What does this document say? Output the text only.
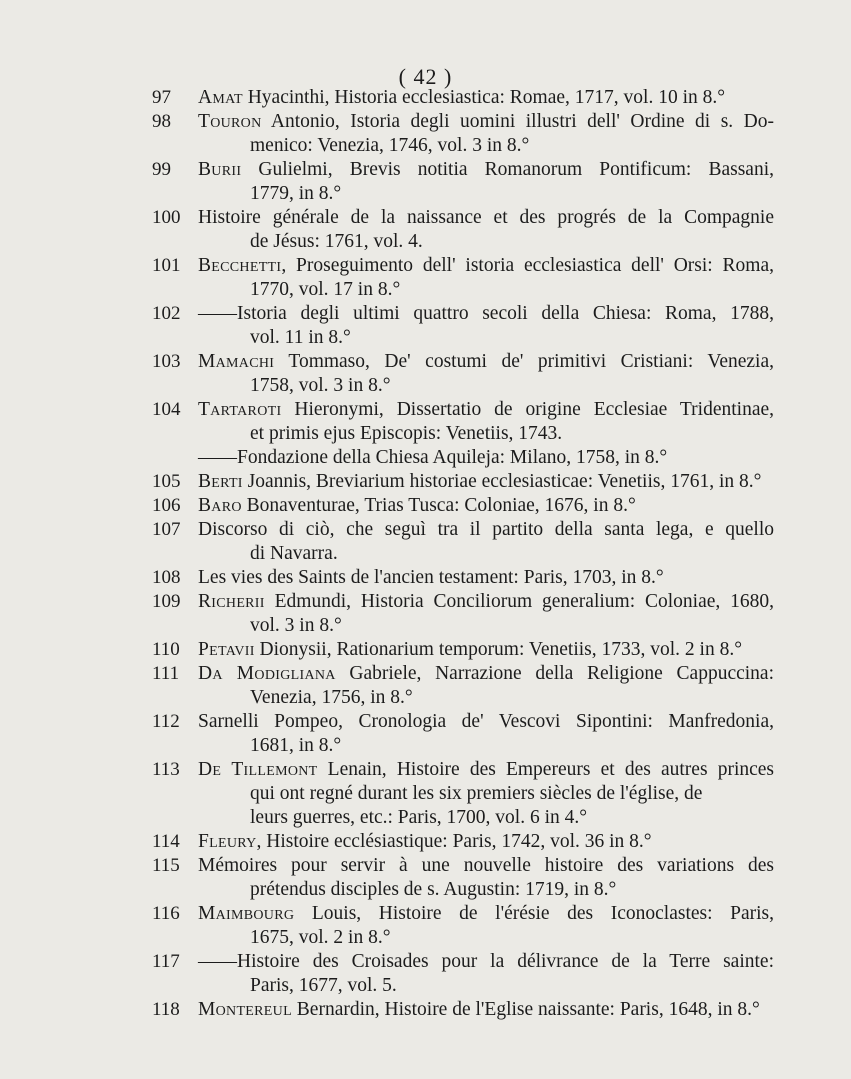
( 42 )
97	Amat Hyacinthi, Historia ecclesiastica: Romae, 1717, vol. 10 in 8.°
98	Touron Antonio, Istoria degli uomini illustri dell' Ordine di s. Do-
menico: Venezia, 1746, vol. 3 in 8.°
99	Burii Gulielmi, Brevis notitia Romanorum Pontificum: Bassani,
1779, in 8.°
100 Histoire générale de la naissance et des progrés de la Compagnie
de Jésus: 1761, vol. 4.
101 Becchetti, Proseguimento dell' istoria ecclesiastica dell' Orsi: Roma,
1770, vol. 17 in 8.°
102 ——Istoria degli ultimi quattro secoli della Chiesa: Roma, 1788,
vol. 11 in 8.°
103 Mamachi Tommaso, De' costumi de' primitivi Cristiani: Venezia,
1758, vol. 3 in 8.°
104 Tartaroti Hieronymi, Dissertatio de origine Ecclesiae Tridentinae,
et primis ejus Episcopis: Venetiis, 1743.
——Fondazione della Chiesa Aquileja: Milano, 1758, in 8.°
105 Berti Joannis, Breviarium historiae ecclesiasticae: Venetiis, 1761, in 8.°
106 Baro Bonaventurae, Trias Tusca: Coloniae, 1676, in 8.°
107 Discorso di ciò, che seguì tra il partito della santa lega, e quello
di Navarra.
108 Les vies des Saints de l'ancien testament: Paris, 1703, in 8.°
109 Richerii Edmundi, Historia Conciliorum generalium: Coloniae, 1680,
vol. 3 in 8.°
110 Petavii Dionysii, Rationarium temporum: Venetiis, 1733, vol. 2 in 8.°
111 Da Modigliana Gabriele, Narrazione della Religione Cappuccina:
Venezia, 1756, in 8.°
112 Sarnelli Pompeo, Cronologia de' Vescovi Sipontini: Manfredonia,
1681, in 8.°
113 De Tillemont Lenain, Histoire des Empereurs et des autres princes
qui ont regné durant les six premiers siècles de l'église, de
leurs guerres, etc.: Paris, 1700, vol. 6 in 4.°
114 Fleury, Histoire ecclésiastique: Paris, 1742, vol. 36 in 8.°
115 Mémoires pour servir à une nouvelle histoire des variations des
prétendus disciples de s. Augustin: 1719, in 8.°
116 Maimbourg Louis, Histoire de l'érésie des Iconoclastes: Paris,
1675, vol. 2 in 8.°
117 ——Histoire des Croisades pour la délivrance de la Terre sainte:
Paris, 1677, vol. 5.
118 Montereul Bernardin, Histoire de l'Eglise naissante: Paris, 1648, in 8.°
